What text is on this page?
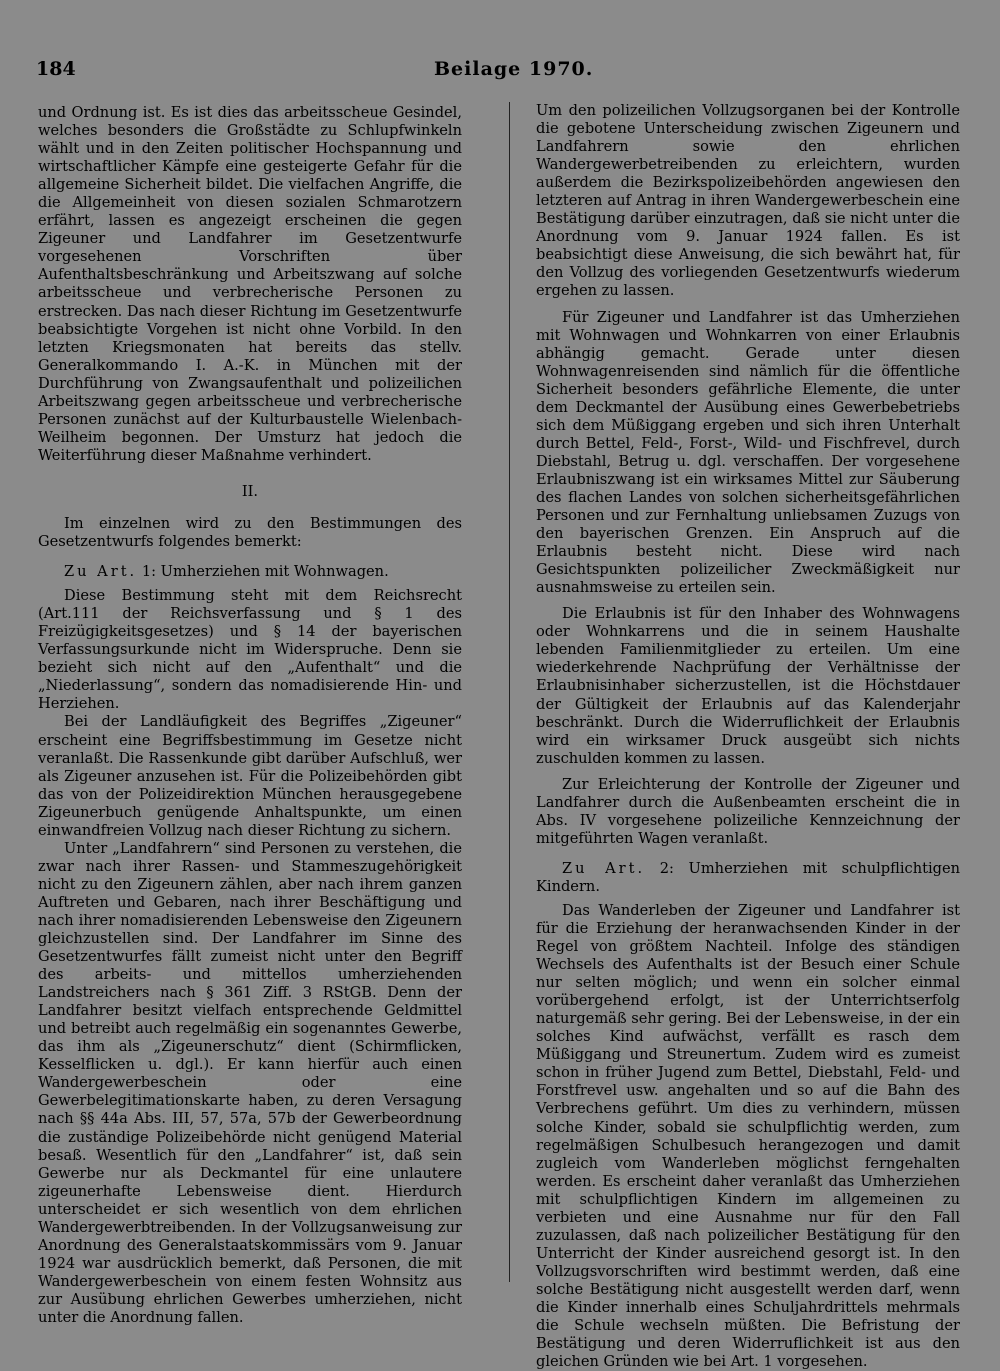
184	Beilage 1970.

und Ordnung ist. Es ist dies das arbeitsscheue Gesindel, welches besonders die Großstädte zu Schlupfwinkeln wählt und in den Zeiten politischer Hochspannung und wirtschaftlicher Kämpfe eine gesteigerte Gefahr für die allgemeine Sicherheit bildet. Die vielfachen Angriffe, die die Allgemeinheit von diesen sozialen Schmarotzern erfährt, lassen es angezeigt erscheinen die gegen Zigeuner und Landfahrer im Gesetzentwurfe vorgesehenen Vorschriften über Aufenthaltsbeschränkung und Arbeitszwang auf solche arbeitsscheue und verbrecherische Personen zu erstrecken. Das nach dieser Richtung im Gesetzentwurfe beabsichtigte Vorgehen ist nicht ohne Vorbild. In den letzten Kriegsmonaten hat bereits das stellv. Generalkommando I. A.-K. in München mit der Durchführung von Zwangsaufenthalt und polizeilichen Arbeitszwang gegen arbeitsscheue und verbrecherische Personen zunächst auf der Kulturbaustelle Wielenbach-Weilheim begonnen. Der Umsturz hat jedoch die Weiterführung dieser Maßnahme verhindert.

II.

Im einzelnen wird zu den Bestimmungen des Gesetzentwurfs folgendes bemerkt:

Zu Art. 1: Umherziehen mit Wohnwagen.

Diese Bestimmung steht mit dem Reichsrecht (Art.111 der Reichsverfassung und § 1 des Freizügigkeitsgesetzes) und § 14 der bayerischen Verfassungsurkunde nicht im Widerspruche. Denn sie bezieht sich nicht auf den „Aufenthalt“ und die „Niederlassung“, sondern das nomadisierende Hin- und Herziehen.

Bei der Landläufigkeit des Begriffes „Zigeuner“ erscheint eine Begriffsbestimmung im Gesetze nicht veranlaßt. Die Rassenkunde gibt darüber Aufschluß, wer als Zigeuner anzusehen ist. Für die Polizeibehörden gibt das von der Polizeidirektion München herausgegebene Zigeunerbuch genügende Anhaltspunkte, um einen einwandfreien Vollzug nach dieser Richtung zu sichern.

Unter „Landfahrern“ sind Personen zu verstehen, die zwar nach ihrer Rassen- und Stammeszugehörigkeit nicht zu den Zigeunern zählen, aber nach ihrem ganzen Auftreten und Gebaren, nach ihrer Beschäftigung und nach ihrer nomadisierenden Lebensweise den Zigeunern gleichzustellen sind. Der Landfahrer im Sinne des Gesetzentwurfes fällt zumeist nicht unter den Begriff des arbeits- und mittellos umherziehenden Landstreichers nach § 361 Ziff. 3 RStGB. Denn der Landfahrer besitzt vielfach entsprechende Geldmittel und betreibt auch regelmäßig ein sogenanntes Gewerbe, das ihm als „Zigeunerschutz“ dient (Schirmflicken, Kesselflicken u. dgl.). Er kann hierfür auch einen Wandergewerbeschein oder eine Gewerbelegitimationskarte haben, zu deren Versagung nach §§ 44a Abs. III, 57, 57a, 57b der Gewerbeordnung die zuständige Polizeibehörde nicht genügend Material besaß. Wesentlich für den „Landfahrer“ ist, daß sein Gewerbe nur als Deckmantel für eine unlautere zigeunerhafte Lebensweise dient. Hierdurch unterscheidet er sich wesentlich von dem ehrlichen Wandergewerbtreibenden. In der Vollzugsanweisung zur Anordnung des Generalstaatskommissärs vom 9. Januar 1924 war ausdrücklich bemerkt, daß Personen, die mit Wandergewerbeschein von einem festen Wohnsitz aus zur Ausübung ehrlichen Gewerbes umherziehen, nicht unter die Anordnung fallen.

Um den polizeilichen Vollzugsorganen bei der Kontrolle die gebotene Unterscheidung zwischen Zigeunern und Landfahrern sowie den ehrlichen Wandergewerbetreibenden zu erleichtern, wurden außerdem die Bezirkspolizeibehörden angewiesen den letzteren auf Antrag in ihren Wandergewerbeschein eine Bestätigung darüber einzutragen, daß sie nicht unter die Anordnung vom 9. Januar 1924 fallen. Es ist beabsichtigt diese Anweisung, die sich bewährt hat, für den Vollzug des vorliegenden Gesetzentwurfs wiederum ergehen zu lassen.

Für Zigeuner und Landfahrer ist das Umherziehen mit Wohnwagen und Wohnkarren von einer Erlaubnis abhängig gemacht. Gerade unter diesen Wohnwagenreisenden sind nämlich für die öffentliche Sicherheit besonders gefährliche Elemente, die unter dem Deckmantel der Ausübung eines Gewerbebetriebs sich dem Müßiggang ergeben und sich ihren Unterhalt durch Bettel, Feld-, Forst-, Wild- und Fischfrevel, durch Diebstahl, Betrug u. dgl. verschaffen. Der vorgesehene Erlaubniszwang ist ein wirksames Mittel zur Säuberung des flachen Landes von solchen sicherheitsgefährlichen Personen und zur Fernhaltung unliebsamen Zuzugs von den bayerischen Grenzen. Ein Anspruch auf die Erlaubnis besteht nicht. Diese wird nach Gesichtspunkten polizeilicher Zweckmäßigkeit nur ausnahmsweise zu erteilen sein.

Die Erlaubnis ist für den Inhaber des Wohnwagens oder Wohnkarrens und die in seinem Haushalte lebenden Familienmitglieder zu erteilen. Um eine wiederkehrende Nachprüfung der Verhältnisse der Erlaubnisinhaber sicherzustellen, ist die Höchstdauer der Gültigkeit der Erlaubnis auf das Kalenderjahr beschränkt. Durch die Widerruflichkeit der Erlaubnis wird ein wirksamer Druck ausgeübt sich nichts zuschulden kommen zu lassen.

Zur Erleichterung der Kontrolle der Zigeuner und Landfahrer durch die Außenbeamten erscheint die in Abs. IV vorgesehene polizeiliche Kennzeichnung der mitgeführten Wagen veranlaßt.

Zu Art. 2: Umherziehen mit schulpflichtigen Kindern.

Das Wanderleben der Zigeuner und Landfahrer ist für die Erziehung der heranwachsenden Kinder in der Regel von größtem Nachteil. Infolge des ständigen Wechsels des Aufenthalts ist der Besuch einer Schule nur selten möglich; und wenn ein solcher einmal vorübergehend erfolgt, ist der Unterrichtserfolg naturgemäß sehr gering. Bei der Lebensweise, in der ein solches Kind aufwächst, verfällt es rasch dem Müßiggang und Streunertum. Zudem wird es zumeist schon in früher Jugend zum Bettel, Diebstahl, Feld- und Forstfrevel usw. angehalten und so auf die Bahn des Verbrechens geführt. Um dies zu verhindern, müssen solche Kinder, sobald sie schulpflichtig werden, zum regelmäßigen Schulbesuch herangezogen und damit zugleich vom Wanderleben möglichst ferngehalten werden. Es erscheint daher veranlaßt das Umherziehen mit schulpflichtigen Kindern im allgemeinen zu verbieten und eine Ausnahme nur für den Fall zuzulassen, daß nach polizeilicher Bestätigung für den Unterricht der Kinder ausreichend gesorgt ist. In den Vollzugsvorschriften wird bestimmt werden, daß eine solche Bestätigung nicht ausgestellt werden darf, wenn die Kinder innerhalb eines Schuljahrdrittels mehrmals die Schule wechseln müßten. Die Befristung der Bestätigung und deren Widerruflichkeit ist aus den gleichen Gründen wie bei Art. 1 vorgesehen.
